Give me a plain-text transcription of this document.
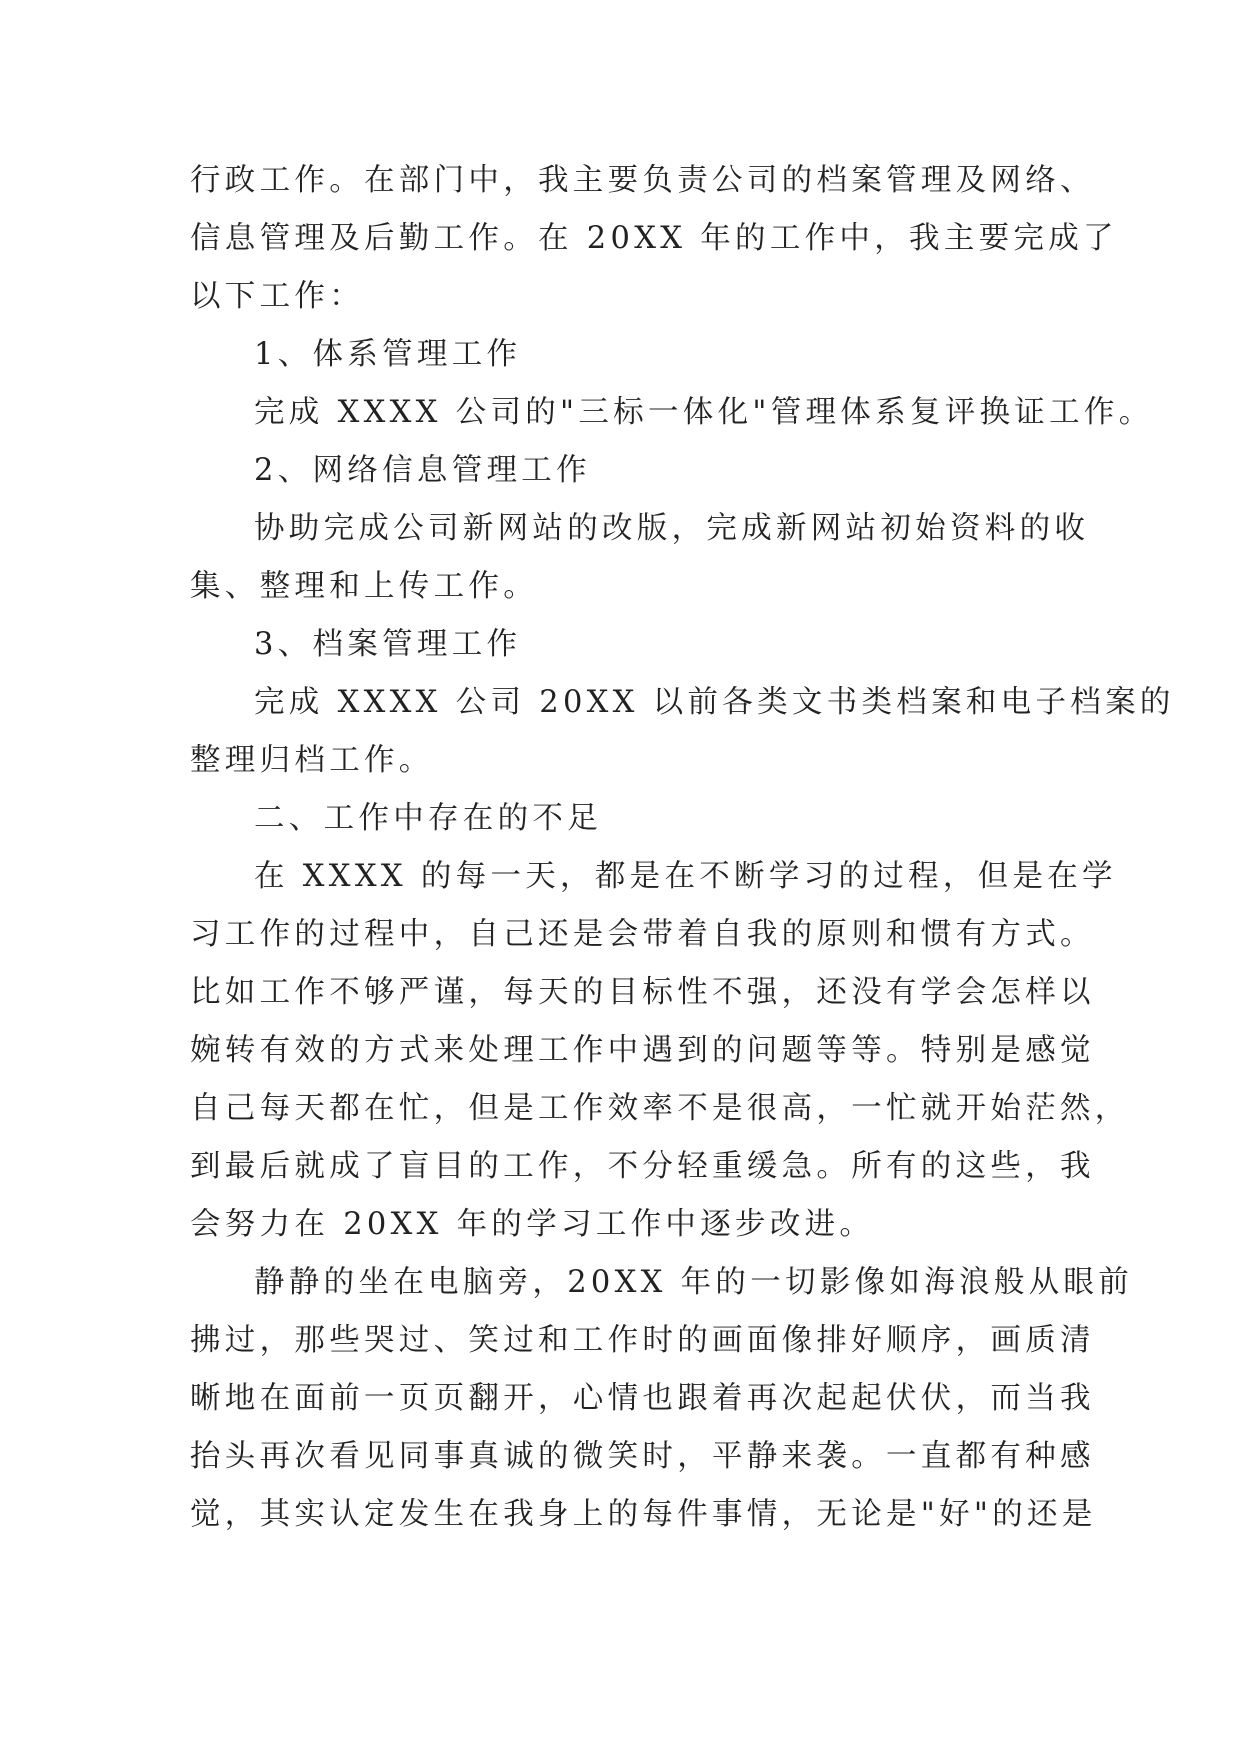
行政工作。在部门中，我主要负责公司的档案管理及网络、
信息管理及后勤工作。在 20XX 年的工作中，我主要完成了
以下工作：
1、体系管理工作
完成 XXXX 公司的"三标一体化"管理体系复评换证工作。
2、网络信息管理工作
协助完成公司新网站的改版，完成新网站初始资料的收
集、整理和上传工作。
3、档案管理工作
完成 XXXX 公司 20XX 以前各类文书类档案和电子档案的
整理归档工作。
二、工作中存在的不足
在 XXXX 的每一天，都是在不断学习的过程，但是在学
习工作的过程中，自己还是会带着自我的原则和惯有方式。
比如工作不够严谨，每天的目标性不强，还没有学会怎样以
婉转有效的方式来处理工作中遇到的问题等等。特别是感觉
自己每天都在忙，但是工作效率不是很高，一忙就开始茫然，
到最后就成了盲目的工作，不分轻重缓急。所有的这些，我
会努力在 20XX 年的学习工作中逐步改进。
静静的坐在电脑旁，20XX 年的一切影像如海浪般从眼前
拂过，那些哭过、笑过和工作时的画面像排好顺序，画质清
晰地在面前一页页翻开，心情也跟着再次起起伏伏，而当我
抬头再次看见同事真诚的微笑时，平静来袭。一直都有种感
觉，其实认定发生在我身上的每件事情，无论是"好"的还是
